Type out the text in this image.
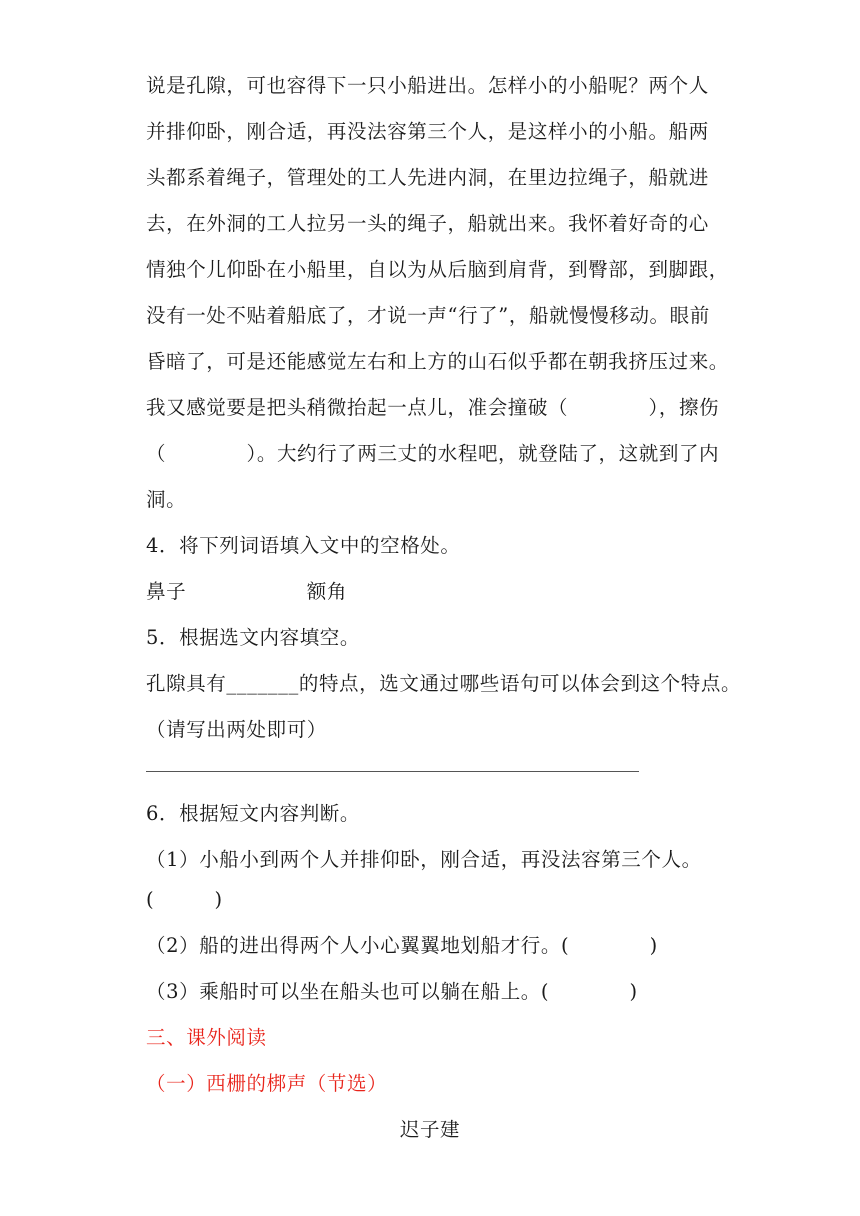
说是孔隙，可也容得下一只小船进出。怎样小的小船呢？两个人
并排仰卧，刚合适，再没法容第三个人，是这样小的小船。船两
头都系着绳子，管理处的工人先进内洞，在里边拉绳子，船就进
去，在外洞的工人拉另一头的绳子，船就出来。我怀着好奇的心
情独个儿仰卧在小船里，自以为从后脑到肩背，到臀部，到脚跟，
没有一处不贴着船底了，才说一声“行了”，船就慢慢移动。眼前
昏暗了，可是还能感觉左右和上方的山石似乎都在朝我挤压过来。
我又感觉要是把头稍微抬起一点儿，准会撞破（　　　　），擦伤
（　　　　）。大约行了两三丈的水程吧，就登陆了，这就到了内
洞。
4．将下列词语填入文中的空格处。
鼻子　　　　　　额角
5．根据选文内容填空。
孔隙具有_______的特点，选文通过哪些语句可以体会到这个特点。
（请写出两处即可）
6．根据短文内容判断。
（1）小船小到两个人并排仰卧，刚合适，再没法容第三个人。
(　　　)
（2）船的进出得两个人小心翼翼地划船才行。(　　　　)
（3）乘船时可以坐在船头也可以躺在船上。(　　　　)
三、课外阅读
（一）西栅的梆声（节选）
迟子建
